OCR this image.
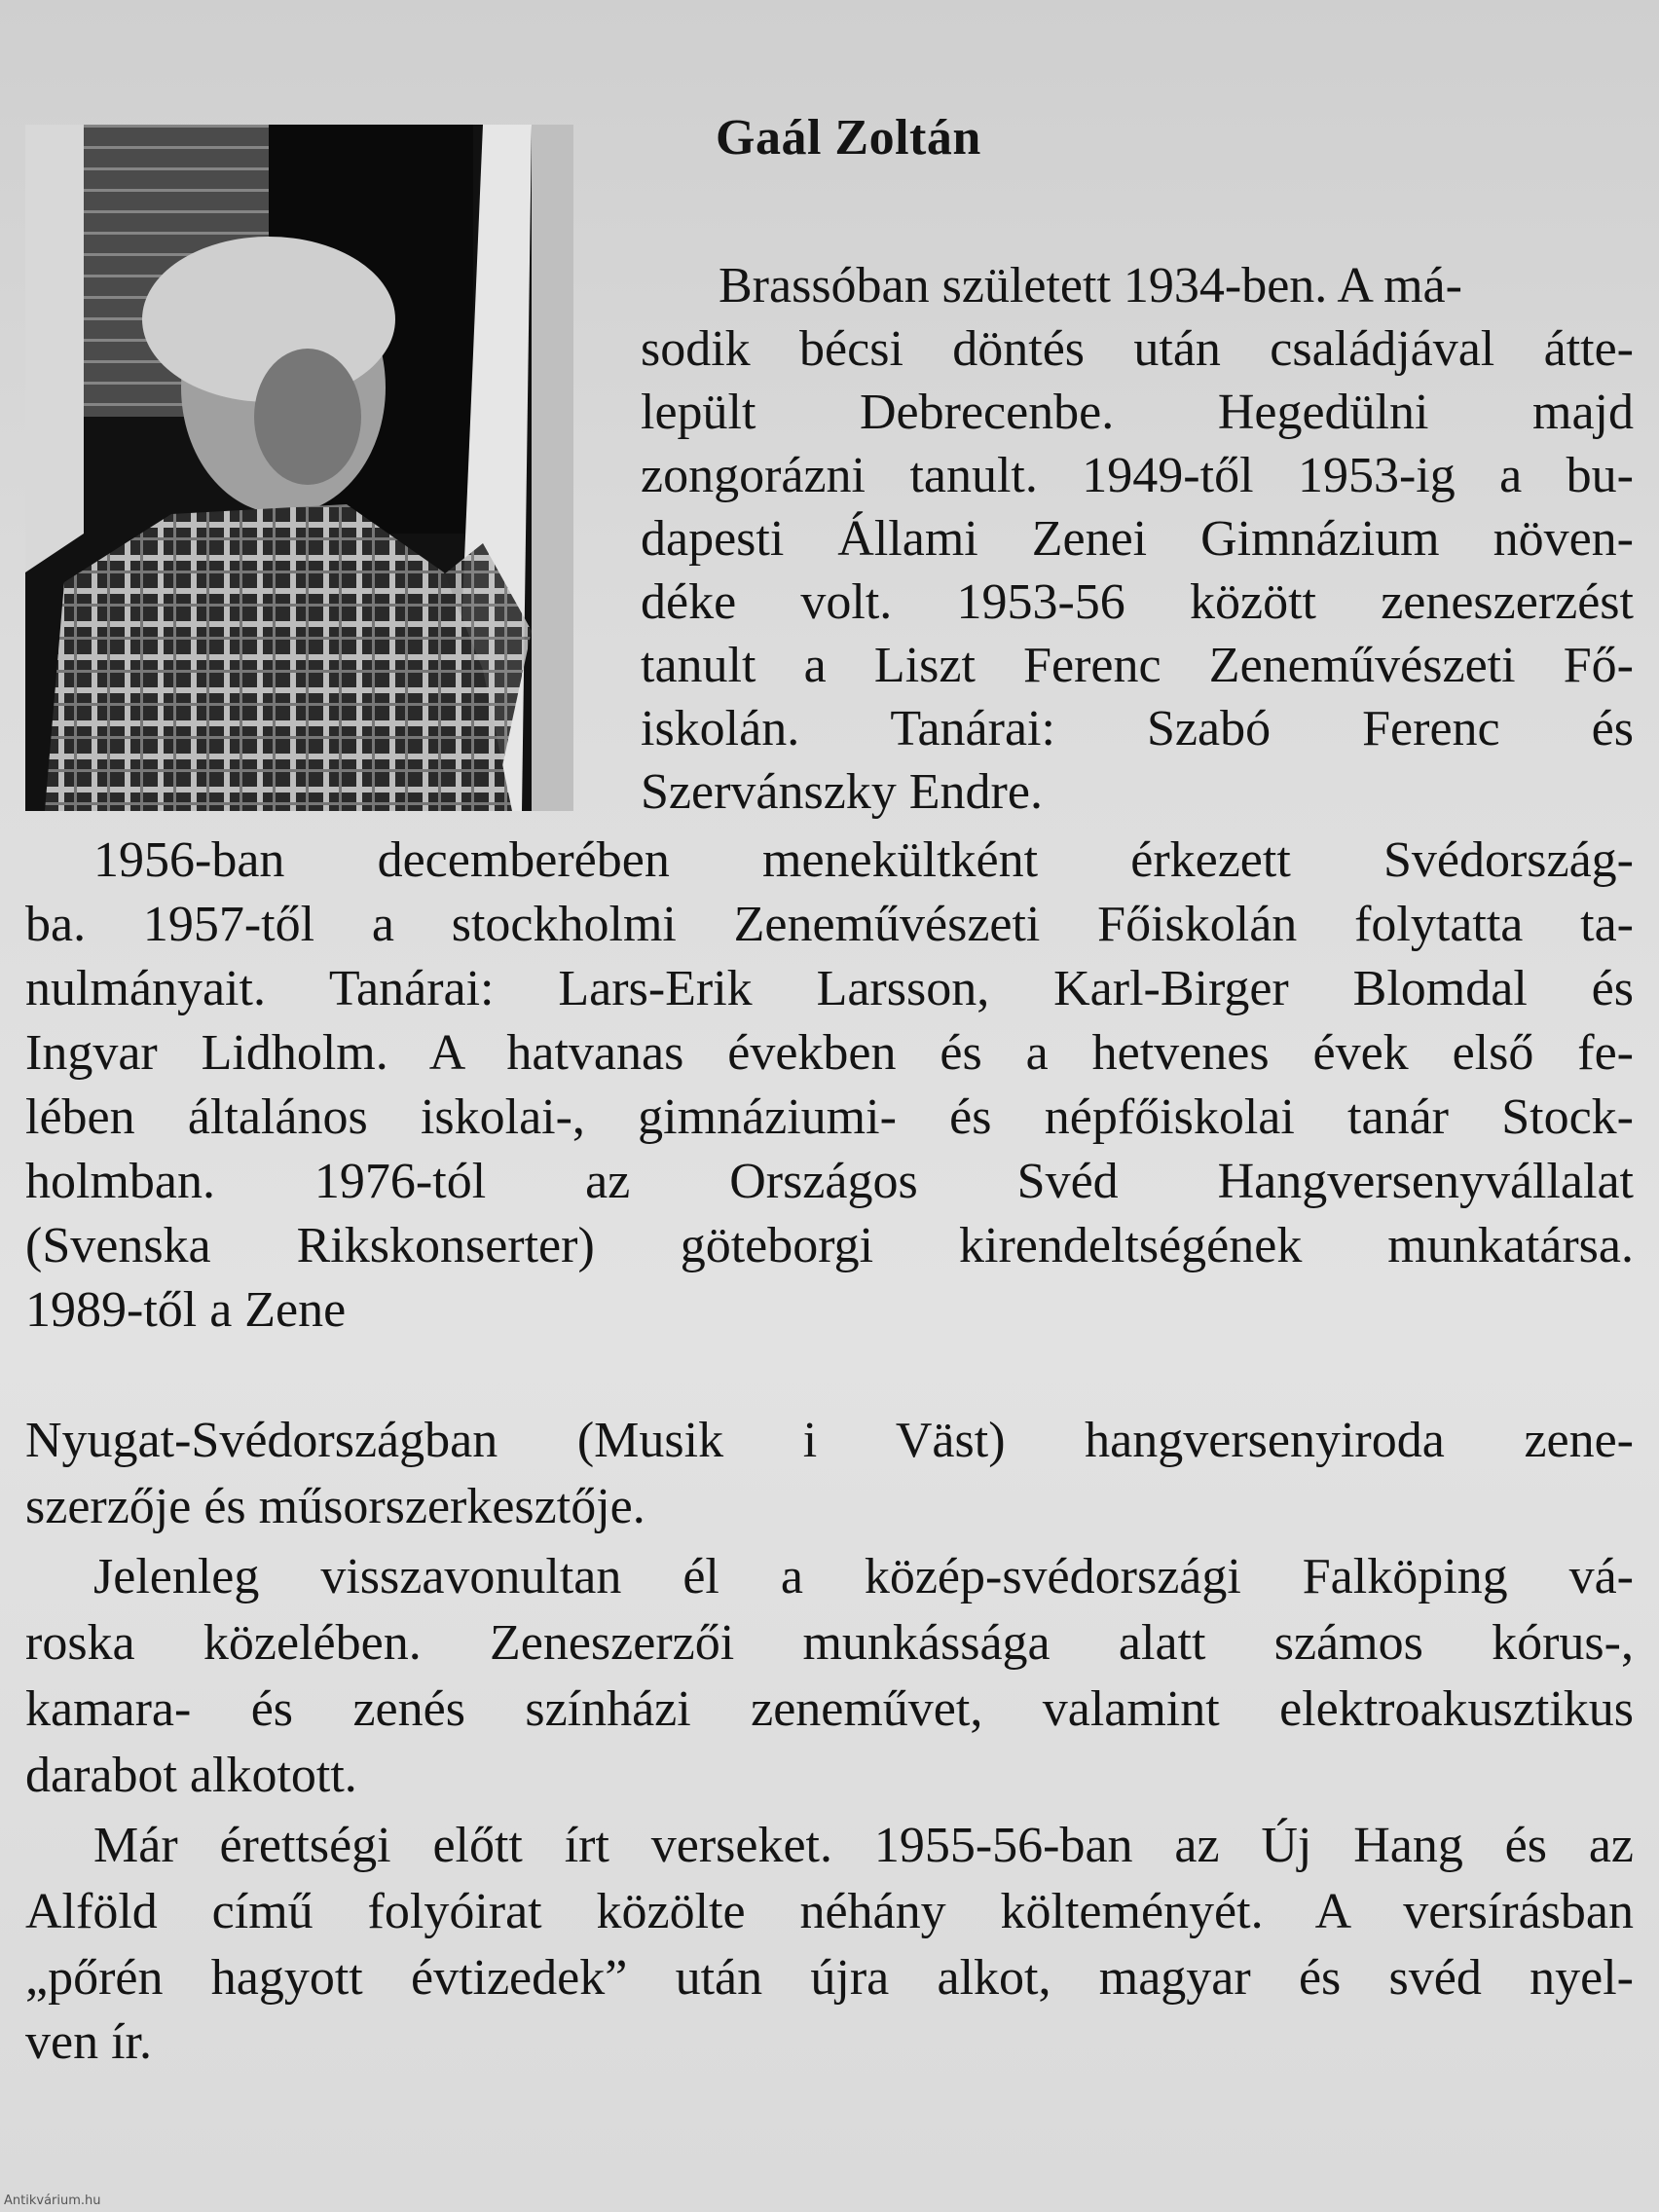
Gaál Zoltán
Brassóban született 1934-ben. A má-
sodik bécsi döntés után családjával átte-
lepült Debrecenbe. Hegedülni majd
zongorázni tanult. 1949-től 1953-ig a bu-
dapesti Állami Zenei Gimnázium növen-
déke volt. 1953-56 között zeneszerzést
tanult a Liszt Ferenc Zeneművészeti Fő-
iskolán. Tanárai: Szabó Ferenc és
Szervánszky Endre.
1956-ban decemberében menekültként érkezett Svédország-
ba. 1957-től a stockholmi Zeneművészeti Főiskolán folytatta ta-
nulmányait. Tanárai: Lars-Erik Larsson, Karl-Birger Blomdal és
Ingvar Lidholm. A hatvanas években és a hetvenes évek első fe-
lében általános iskolai-, gimnáziumi- és népfőiskolai tanár Stock-
holmban. 1976-tól az Országos Svéd Hangversenyvállalat
(Svenska Rikskonserter) göteborgi kirendeltségének munkatársa.
1989-től a Zene
Nyugat-Svédországban (Musik i Väst) hangversenyiroda zene-
szerzője és műsorszerkesztője.
Jelenleg visszavonultan él a közép-svédországi Falköping vá-
roska közelében. Zeneszerzői munkássága alatt számos kórus-,
kamara- és zenés színházi zeneművet, valamint elektroakusztikus
darabot alkotott.
Már érettségi előtt írt verseket. 1955-56-ban az Új Hang és az
Alföld című folyóirat közölte néhány költeményét. A versírásban
„pőrén hagyott évtizedek” után újra alkot, magyar és svéd nyel-
ven ír.
Antikvárium.hu
